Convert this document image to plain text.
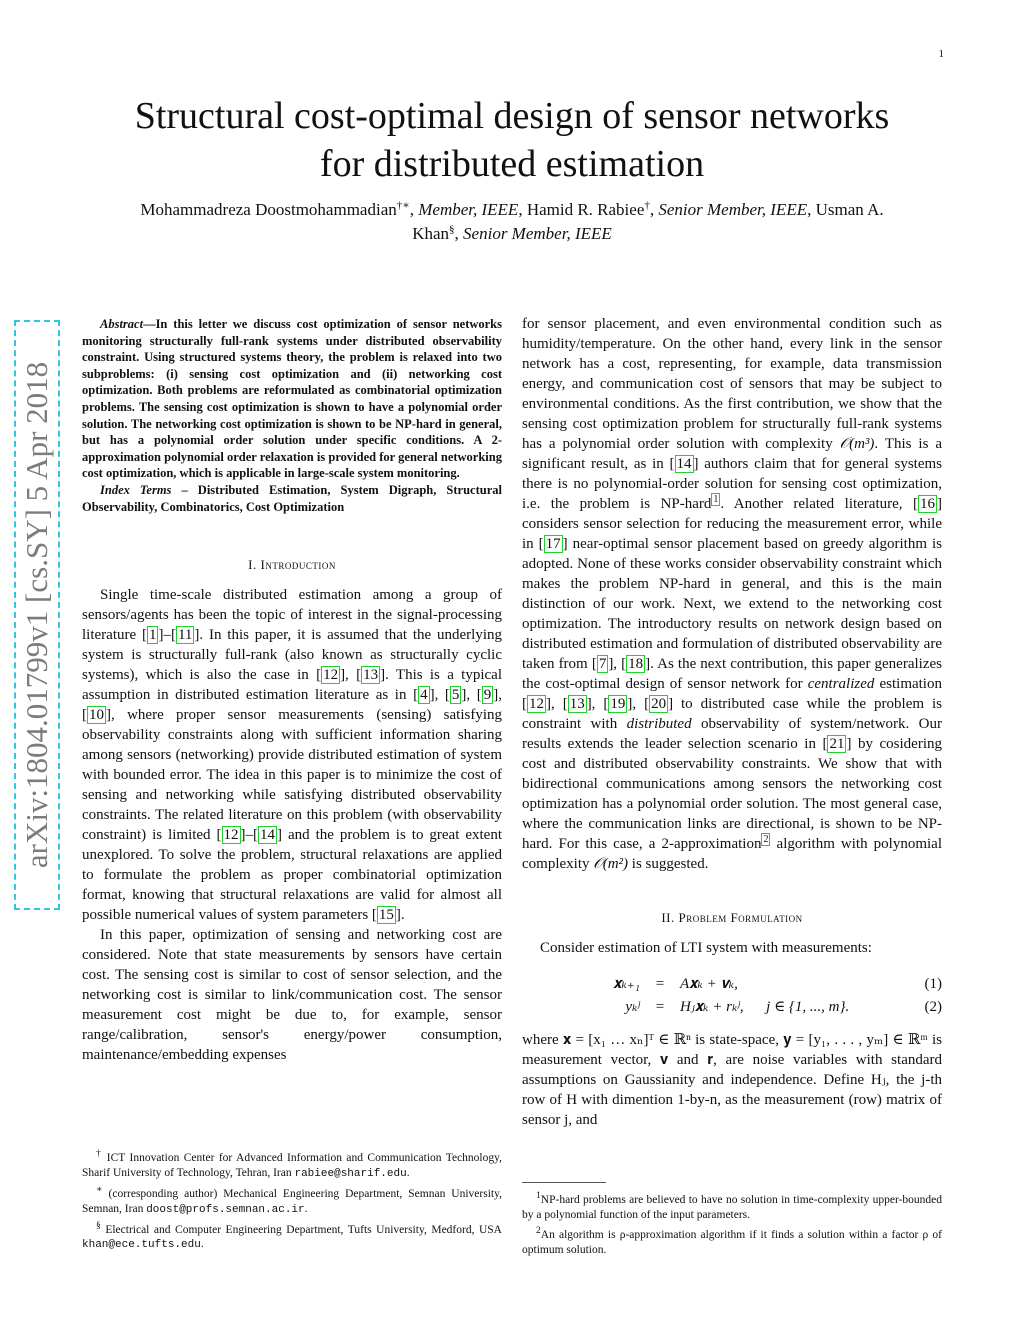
1
Structural cost-optimal design of sensor networks
for distributed estimation
Mohammadreza Doostmohammadian†∗, Member, IEEE, Hamid R. Rabiee†, Senior Member, IEEE, Usman A.
Khan§, Senior Member, IEEE
arXiv:1804.01799v1 [cs.SY] 5 Apr 2018

Abstract—In this letter we discuss cost optimization of sensor networks monitoring structurally full-rank systems under distributed observability constraint. Using structured systems theory, the problem is relaxed into two subproblems: (i) sensing cost optimization and (ii) networking cost optimization. Both problems are reformulated as combinatorial optimization problems. The sensing cost optimization is shown to have a polynomial order solution. The networking cost optimization is shown to be NP-hard in general, but has a polynomial order solution under specific conditions. A 2-approximation polynomial order relaxation is provided for general networking cost optimization, which is applicable in large-scale system monitoring.

Index Terms – Distributed Estimation, System Digraph, Structural Observability, Combinatorics, Cost Optimization

I. Introduction

Single time-scale distributed estimation among a group of sensors/agents has been the topic of interest in the signal-processing literature [ 1 ]–[ 11 ]. In this paper, it is assumed that the underlying system is structurally full-rank (also known as structurally cyclic systems), which is also the case in [ 12 ], [ 13 ]. This is a typical assumption in distributed estimation literature as in [ 4 ], [ 5 ], [ 9 ], [ 10 ], where proper sensor measurements (sensing) satisfying observability constraints along with sufficient information sharing among sensors (networking) provide distributed estimation of system with bounded error. The idea in this paper is to minimize the cost of sensing and networking while satisfying distributed observability constraints. The related literature on this problem (with observability constraint) is limited [ 12 ]–[ 14 ] and the problem is to great extent unexplored. To solve the problem, structural relaxations are applied to formulate the problem as proper combinatorial optimization format, knowing that structural relaxations are valid for almost all possible numerical values of system parameters [ 15 ].

In this paper, optimization of sensing and networking cost are considered. Note that state measurements by sensors have certain cost. The sensing cost is similar to cost of sensor selection, and the networking cost is similar to link/communication cost. The sensor measurement cost might be due to, for example, sensor range/calibration, sensor's energy/power consumption, maintenance/embedding expenses

† ICT Innovation Center for Advanced Information and Communication Technology, Sharif University of Technology, Tehran, Iran rabiee@sharif.edu.

∗ (corresponding author) Mechanical Engineering Department, Semnan University, Semnan, Iran doost@profs.semnan.ac.ir.

§ Electrical and Computer Engineering Department, Tufts University, Medford, USA khan@ece.tufts.edu.

for sensor placement, and even environmental condition such as humidity/temperature. On the other hand, every link in the sensor network has a cost, representing, for example, data transmission energy, and communication cost of sensors that may be subject to environmental conditions. As the first contribution, we show that the sensing cost optimization problem for structurally full-rank systems has a polynomial order solution with complexity 𝒪(m³). This is a significant result, as in [ 14 ] authors claim that for general systems there is no polynomial-order solution for sensing cost optimization, i.e. the problem is NP-hard $^1$ . Another related literature, [ 16 ] considers sensor selection for reducing the measurement error, while in [ 17 ] near-optimal sensor placement based on greedy algorithm is adopted. None of these works consider observability constraint which makes the problem NP-hard in general, and this is the main distinction of our work. Next, we extend to the networking cost optimization. The introductory results on network design based on distributed estimation and formulation of distributed observability are taken from [ 7 ], [ 18 ]. As the next contribution, this paper generalizes the cost-optimal design of sensor network for centralized estimation [ 12 ], [ 13 ], [ 19 ], [ 20 ] to distributed case while the problem is constraint with distributed observability of system/network. Our results extends the leader selection scenario in [ 21 ] by cosidering cost and distributed observability constraints. We show that with bidirectional communications among sensors the networking cost optimization has a polynomial order solution. The most general case, where the communication links are directional, is shown to be NP-hard. For this case, a 2-approximation $^2$ algorithm with polynomial complexity 𝒪(m²) is suggested.

II. Problem Formulation

Consider estimation of LTI system with measurements:

𝐱ₖ₊₁	=	A𝐱ₖ + 𝐯ₖ,	(1)
yₖʲ	=	Hⱼ𝐱ₖ + rₖʲ, j ∈ {1, ..., m}.	(2)

where 𝐱 = [x₁ … xₙ]ᵀ ∈ ℝⁿ is state-space, 𝐲 = [y₁, . . . , yₘ] ∈ ℝᵐ is measurement vector, 𝐯 and 𝐫, are noise variables with standard assumptions on Gaussianity and independence. Define Hⱼ, the j-th row of H with dimention 1-by-n, as the measurement (row) matrix of sensor j, and

$^1$NP-hard problems are believed to have no solution in time-complexity upper-bounded by a polynomial function of the input parameters.

$^2$An algorithm is ρ-approximation algorithm if it finds a solution within a factor ρ of optimum solution.
